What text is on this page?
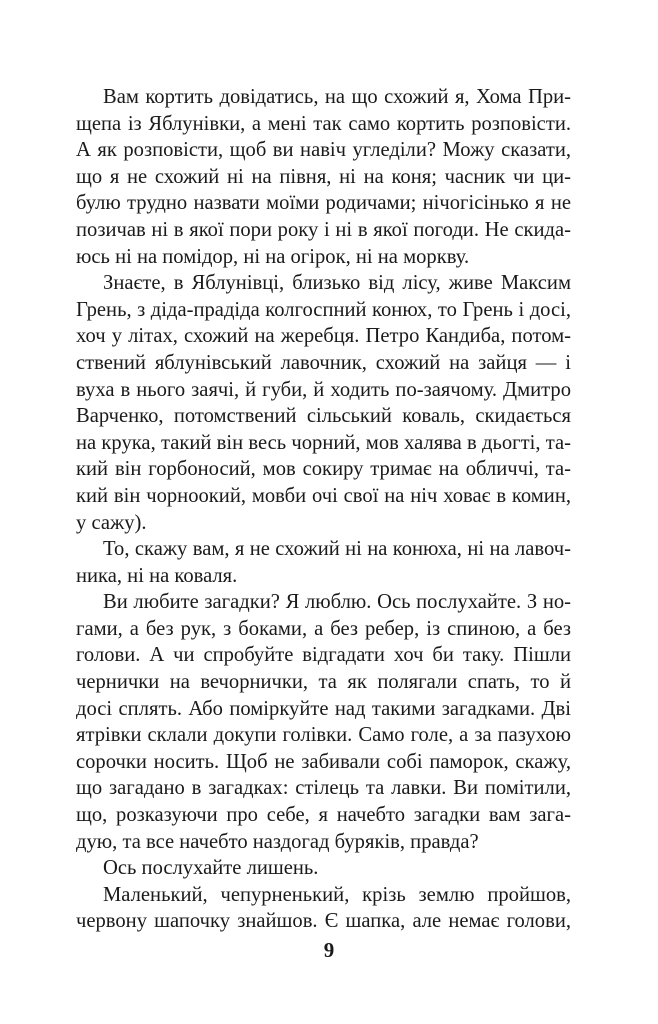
Вам кортить довідатись, на що схожий я, Хома При-
щепа із Яблунівки, а мені так само кортить розповісти.
А як розповісти, щоб ви навіч угледіли? Можу сказати,
що я не схожий ні на півня, ні на коня; часник чи ци-
булю трудно назвати моїми родичами; нічогісінько я не
позичав ні в якої пори року і ні в якої погоди. Не скида-
юсь ні на помідор, ні на огірок, ні на моркву.
Знаєте, в Яблунівці, близько від лісу, живе Максим
Грень, з діда-прадіда колгоспний конюх, то Грень і досі,
хоч у літах, схожий на жеребця. Петро Кандиба, потом-
ствений яблунівський лавочник, схожий на зайця — і
вуха в нього заячі, й губи, й ходить по-заячому. Дмитро
Варченко, потомствений сільський коваль, скидається
на крука, такий він весь чорний, мов халява в дьогті, та-
кий він горбоносий, мов сокиру тримає на обличчі, та-
кий він чорноокий, мовби очі свої на ніч ховає в комин,
у сажу).
То, скажу вам, я не схожий ні на конюха, ні на лавоч-
ника, ні на коваля.
Ви любите загадки? Я люблю. Ось послухайте. З но-
гами, а без рук, з боками, а без ребер, із спиною, а без
голови. А чи спробуйте відгадати хоч би таку. Пішли
чернички на вечорнички, та як полягали спать, то й
досі сплять. Або поміркуйте над такими загадками. Дві
ятрівки склали докупи голівки. Само голе, а за пазухою
сорочки носить. Щоб не забивали собі паморок, скажу,
що загадано в загадках: стілець та лавки. Ви помітили,
що, розказуючи про себе, я начебто загадки вам зага-
дую, та все начебто наздогад буряків, правда?
Ось послухайте лишень.
Маленький, чепурненький, крізь землю пройшов,
червону шапочку знайшов. Є шапка, але немає голови,
9
